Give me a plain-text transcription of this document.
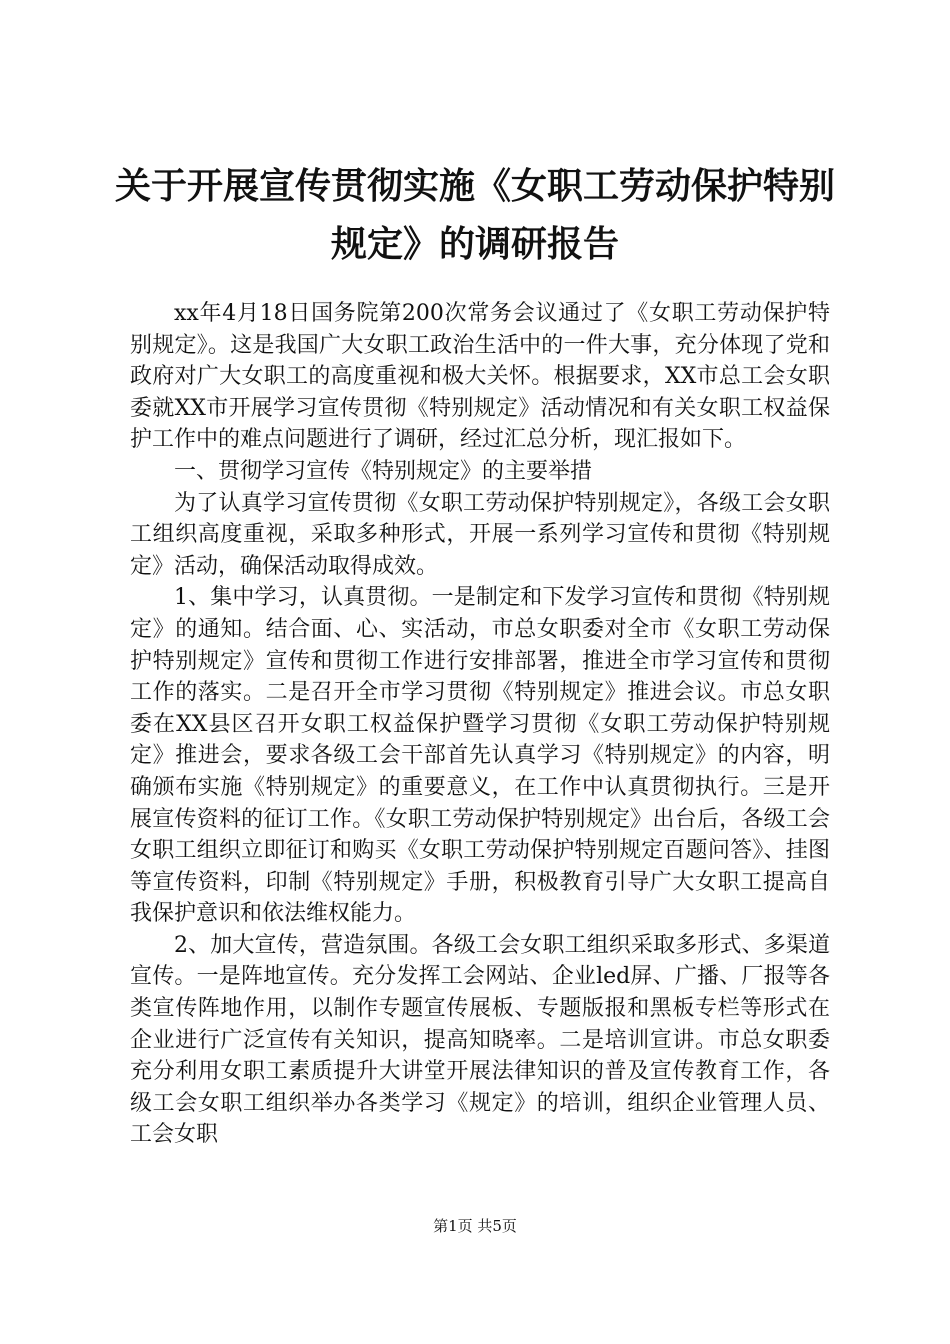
关于开展宣传贯彻实施《女职工劳动保护特别
规定》的调研报告

xx年4月18日国务院第200次常务会议通过了《女职工劳动保护特别规定》。这是我国广大女职工政治生活中的一件大事，充分体现了党和政府对广大女职工的高度重视和极大关怀。根据要求，XX市总工会女职委就XX市开展学习宣传贯彻《特别规定》活动情况和有关女职工权益保护工作中的难点问题进行了调研，经过汇总分析，现汇报如下。

一、贯彻学习宣传《特别规定》的主要举措

为了认真学习宣传贯彻《女职工劳动保护特别规定》，各级工会女职工组织高度重视，采取多种形式，开展一系列学习宣传和贯彻《特别规定》活动，确保活动取得成效。

1、集中学习，认真贯彻。一是制定和下发学习宣传和贯彻《特别规定》的通知。结合面、心、实活动，市总女职委对全市《女职工劳动保护特别规定》宣传和贯彻工作进行安排部署，推进全市学习宣传和贯彻工作的落实。二是召开全市学习贯彻《特别规定》推进会议。市总女职委在XX县区召开女职工权益保护暨学习贯彻《女职工劳动保护特别规定》推进会，要求各级工会干部首先认真学习《特别规定》的内容，明确颁布实施《特别规定》的重要意义，在工作中认真贯彻执行。三是开展宣传资料的征订工作。《女职工劳动保护特别规定》出台后，各级工会女职工组织立即征订和购买《女职工劳动保护特别规定百题问答》、挂图等宣传资料，印制《特别规定》手册，积极教育引导广大女职工提高自我保护意识和依法维权能力。

2、加大宣传，营造氛围。各级工会女职工组织采取多形式、多渠道宣传。一是阵地宣传。充分发挥工会网站、企业led屏、广播、厂报等各类宣传阵地作用，以制作专题宣传展板、专题版报和黑板专栏等形式在企业进行广泛宣传有关知识，提高知晓率。二是培训宣讲。市总女职委充分利用女职工素质提升大讲堂开展法律知识的普及宣传教育工作，各级工会女职工组织举办各类学习《规定》的培训，组织企业管理人员、工会女职

第1页 共5页
